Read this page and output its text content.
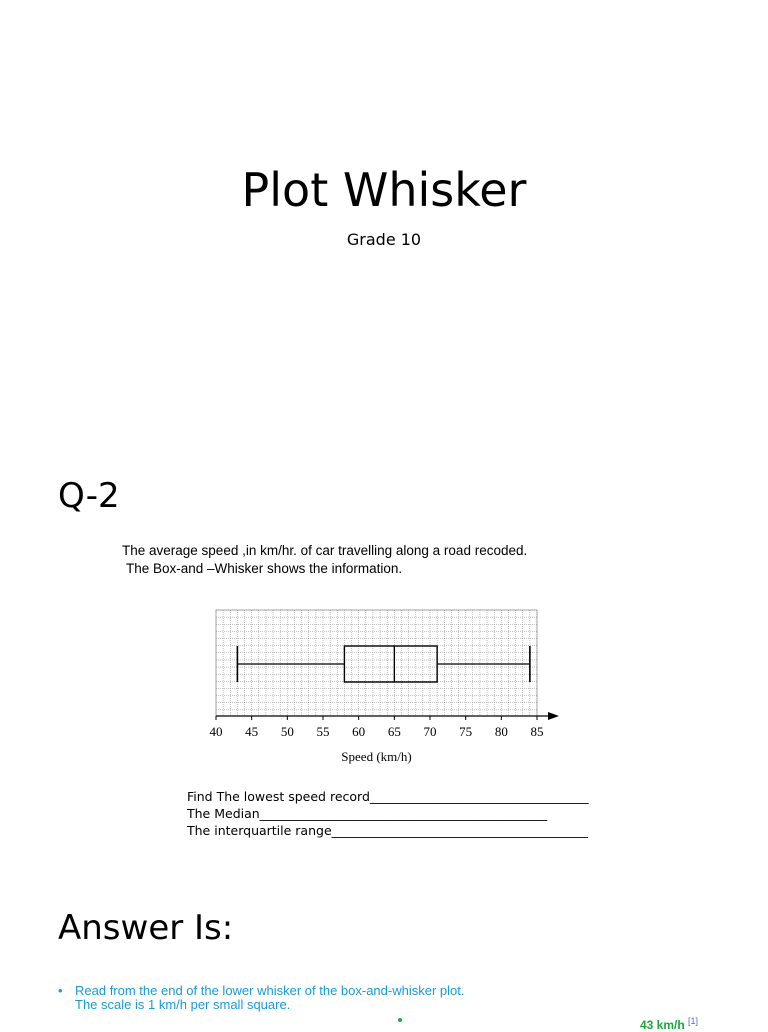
Plot Whisker
Grade 10
Q-2
The average speed ,in km/hr. of car travelling along a road recoded.
The Box-and –Whisker shows the information.
40 45 50 55 60 65 70 75 80 85
Speed (km/h)
Find The lowest speed record___________________________________
The Median______________________________________________
The interquartile range_________________________________________
Answer Is:
• Read from the end of the lower whisker of the box-and-whisker plot.
The scale is 1 km/h per small square.
43 km/h [1]
